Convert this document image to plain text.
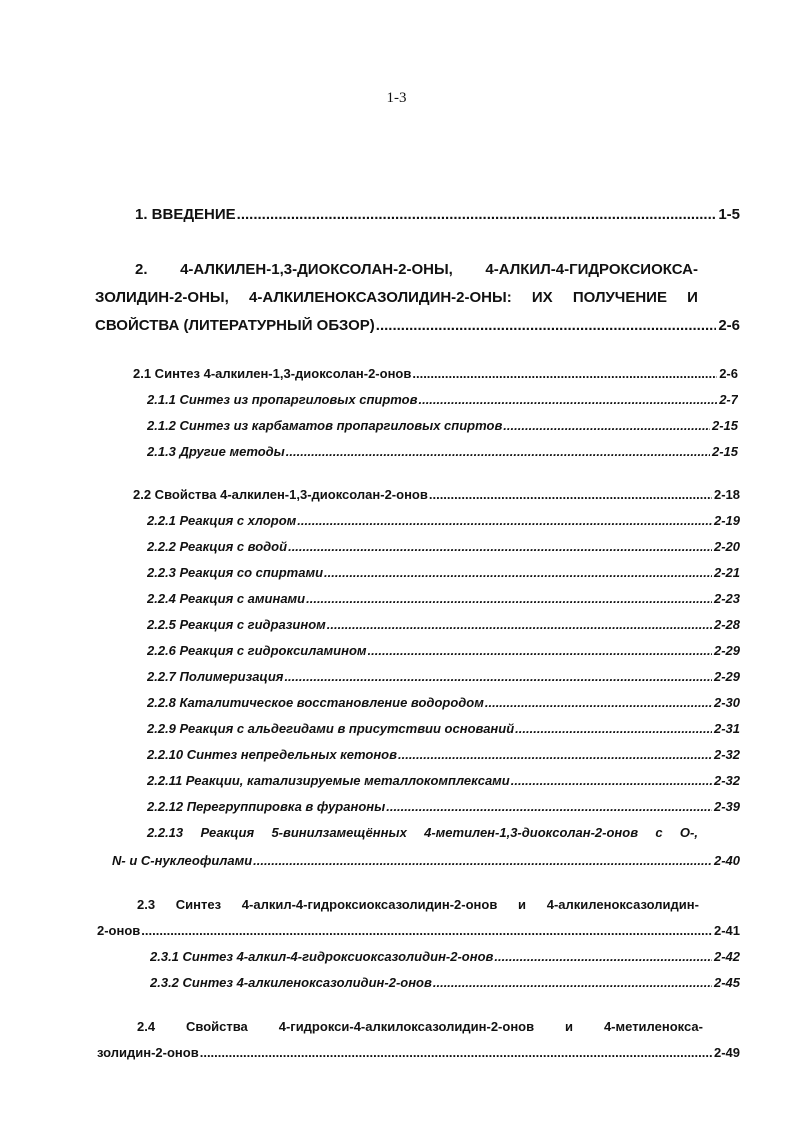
1-3
1. ВВЕДЕНИЕ .....	1-5
2. 4-АЛКИЛЕН-1,3-ДИОКСОЛАН-2-ОНЫ, 4-АЛКИЛ-4-ГИДРОКСИОКСА-
ЗОЛИДИН-2-ОНЫ, 4-АЛКИЛЕНОКСАЗОЛИДИН-2-ОНЫ: ИХ ПОЛУЧЕНИЕ И
СВОЙСТВА (ЛИТЕРАТУРНЫЙ ОБЗОР) .....	2-6
2.1 Синтез 4-алкилен-1,3-диоксолан-2-онов .....	2-6
2.1.1 Синтез из пропаргиловых спиртов .....	2-7
2.1.2 Синтез из карбаматов пропаргиловых спиртов .....	2-15
2.1.3 Другие методы .....	2-15
2.2 Свойства 4-алкилен-1,3-диоксолан-2-онов .....	2-18
2.2.1 Реакция с хлором .....	2-19
2.2.2 Реакция с водой .....	2-20
2.2.3 Реакция со спиртами .....	2-21
2.2.4 Реакция с аминами .....	2-23
2.2.5 Реакция с гидразином .....	2-28
2.2.6 Реакция с гидроксиламином .....	2-29
2.2.7 Полимеризация .....	2-29
2.2.8 Каталитическое восстановление водородом .....	2-30
2.2.9 Реакция с альдегидами в присутствии оснований .....	2-31
2.2.10 Синтез непредельных кетонов .....	2-32
2.2.11 Реакции, катализируемые металлокомплексами .....	2-32
2.2.12 Перегруппировка в фураноны .....	2-39
2.2.13 Реакция 5-винилзамещённых 4-метилен-1,3-диоксолан-2-онов с O-,
N- и С-нуклеофилами .....	2-40
2.3 Синтез 4-алкил-4-гидроксиоксазолидин-2-онов и 4-алкиленоксазолидин-
2-онов .....	2-41
2.3.1 Синтез 4-алкил-4-гидроксиоксазолидин-2-онов .....	2-42
2.3.2 Синтез 4-алкиленоксазолидин-2-онов .....	2-45
2.4 Свойства 4-гидрокси-4-алкилоксазолидин-2-онов и 4-метиленокса-
золидин-2-онов .....	2-49
